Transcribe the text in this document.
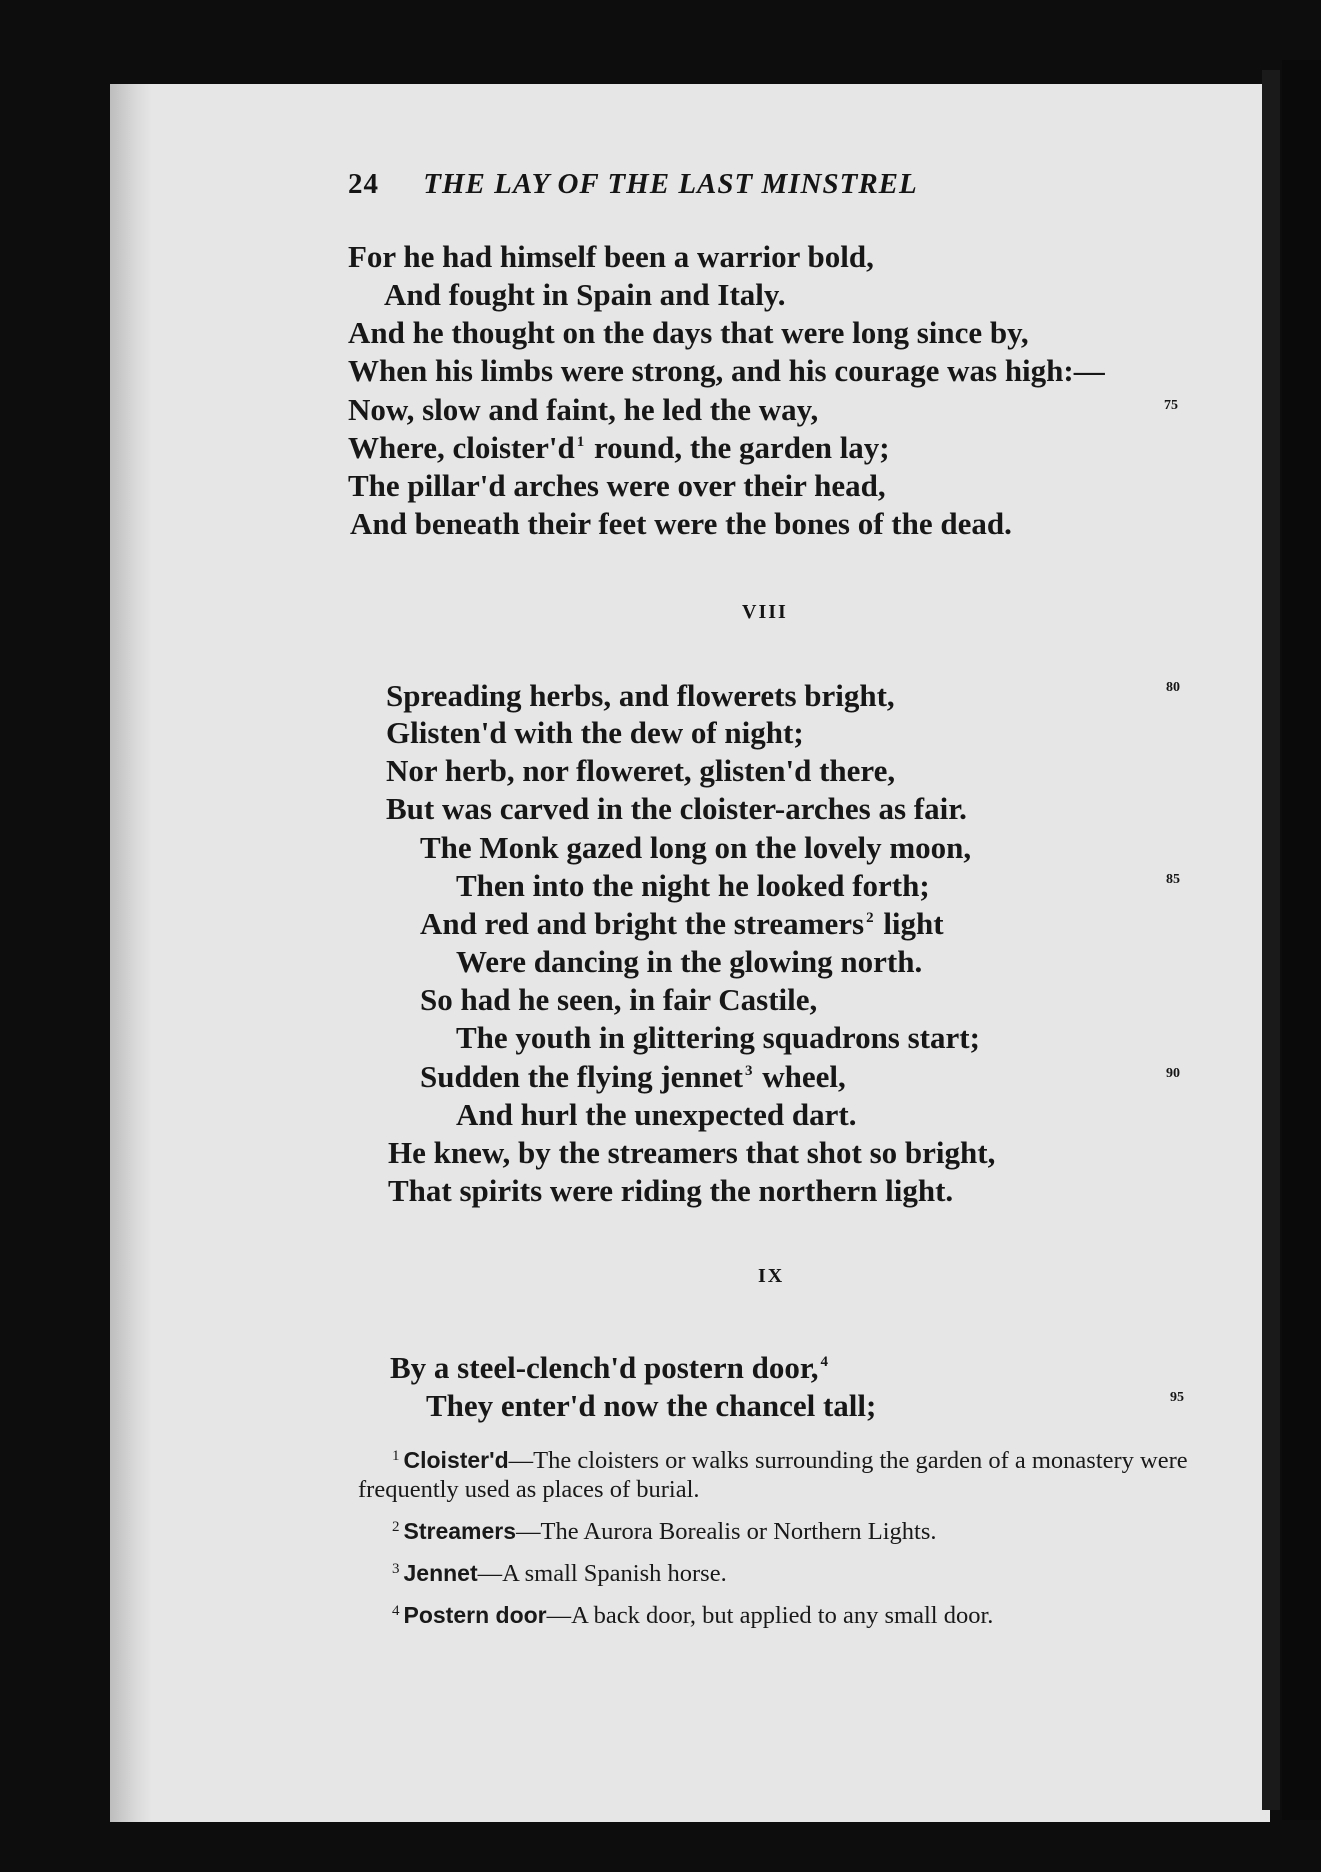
24 THE LAY OF THE LAST MINSTREL
For he had himself been a warrior bold,
And fought in Spain and Italy.
And he thought on the days that were long since by,
When his limbs were strong, and his courage was high:—
Now, slow and faint, he led the way,	75
Where, cloister'd $^1$ round, the garden lay;
The pillar'd arches were over their head,
And beneath their feet were the bones of the dead.
VIII
Spreading herbs, and flowerets bright,	80
Glisten'd with the dew of night;
Nor herb, nor floweret, glisten'd there,
But was carved in the cloister-arches as fair.
The Monk gazed long on the lovely moon,
Then into the night he looked forth;	85
And red and bright the streamers $^2$ light
Were dancing in the glowing north.
So had he seen, in fair Castile,
The youth in glittering squadrons start;
Sudden the flying jennet $^3$ wheel,	90
And hurl the unexpected dart.
He knew, by the streamers that shot so bright,
That spirits were riding the northern light.
IX
By a steel-clench'd postern door, $^4$
They enter'd now the chancel tall;	95

$^1$ Cloister'd—The cloisters or walks surrounding the garden of a monastery were frequently used as places of burial.

$^2$ Streamers—The Aurora Borealis or Northern Lights.

$^3$ Jennet—A small Spanish horse.

$^4$ Postern door—A back door, but applied to any small door.
